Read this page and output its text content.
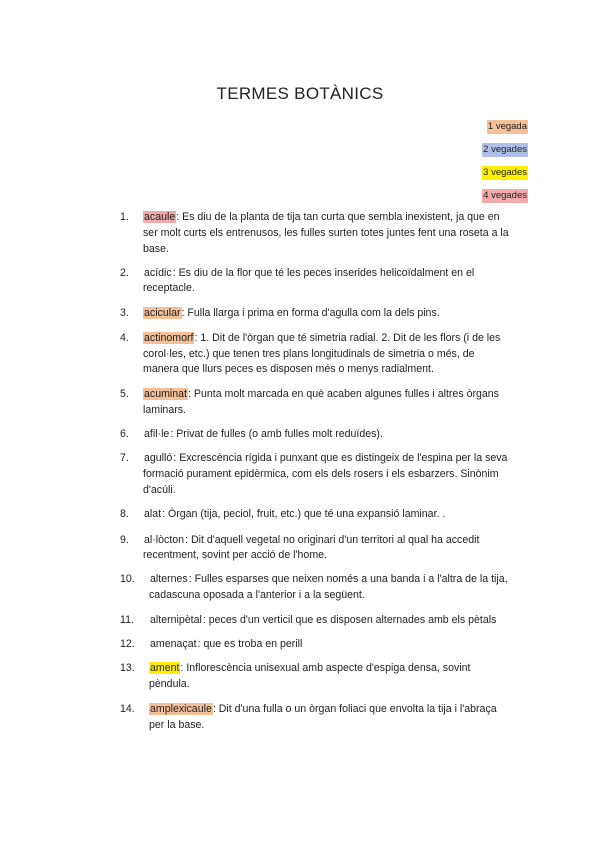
TERMES BOTÀNICS
1 vegada
2 vegades
3 vegades
4 vegades
1. acaule: Es diu de la planta de tija tan curta que sembla inexistent, ja que en
ser molt curts els entrenusos, les fulles surten totes juntes fent una roseta a la
base.
2. acídic: Es diu de la flor que té les peces inserides helicoïdalment en el
receptacle.
3. acicular: Fulla llarga i prima en forma d'agulla com la dels pins.
4. actinomorf: 1. Dit de l'òrgan que té simetria radial. 2. Dit de les flors (i de les
corol·les, etc.) que tenen tres plans longitudinals de simetria o més, de
manera que llurs peces es disposen més o menys radialment.
5. acuminat: Punta molt marcada en què acaben algunes fulles i altres òrgans
laminars.
6. afil·le: Privat de fulles (o amb fulles molt reduïdes).
7. agulló: Excrescència rígida i punxant que es distingeix de l'espina per la seva
formació purament epidèrmica, com els dels rosers i els esbarzers. Sinònim
d'acúli.
8. alat: Òrgan (tija, peciol, fruit, etc.) que té una expansió laminar. .
9. al·lòcton: Dit d'aquell vegetal no originari d'un territori al qual ha accedit
recentment, sovint per acció de l'home.
10. alternes: Fulles esparses que neixen només a una banda i a l'altra de la tija,
cadascuna oposada a l'anterior i a la següent.
11. alternipètal: peces d'un verticil que es disposen alternades amb els pètals
12. amenaçat: que es troba en perill
13. ament: Inflorescència unisexual amb aspecte d'espiga densa, sovint
pèndula.
14. amplexicaule: Dit d'una fulla o un òrgan foliaci que envolta la tija i l'abraça
per la base.
